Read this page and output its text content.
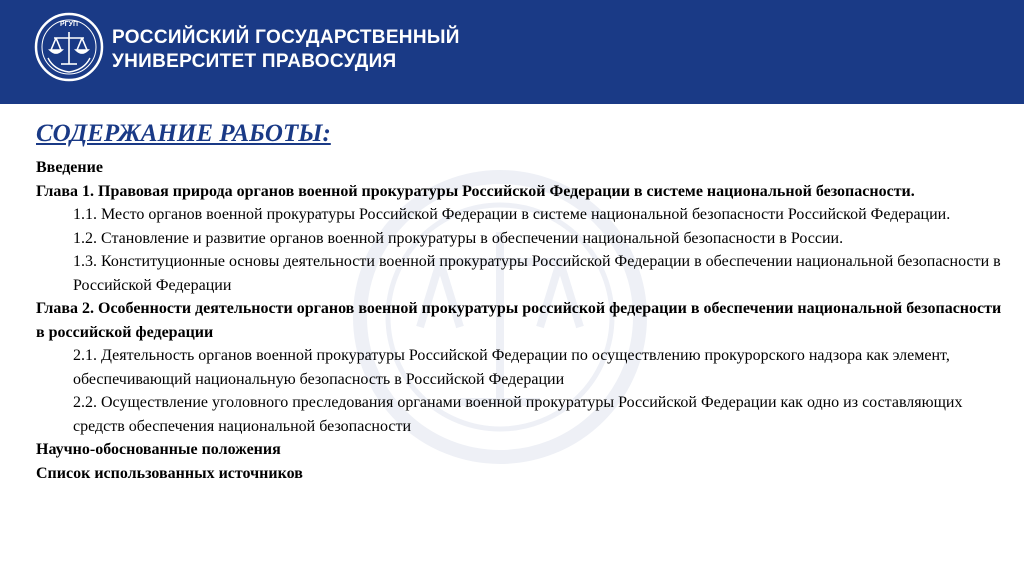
РГУП
РОССИЙСКИЙ ГОСУДАРСТВЕННЫЙ
УНИВЕРСИТЕТ ПРАВОСУДИЯ
СОДЕРЖАНИЕ РАБОТЫ:
Введение
Глава 1. Правовая природа органов военной прокуратуры Российской Федерации в системе национальной безопасности.
1.1. Место органов военной прокуратуры Российской Федерации в системе национальной безопасности Российской Федерации.
1.2. Становление и развитие органов военной прокуратуры в обеспечении национальной безопасности в России.
1.3. Конституционные основы деятельности военной прокуратуры Российской Федерации в обеспечении национальной безопасности в Российской Федерации
Глава 2. Особенности деятельности органов военной прокуратуры российской федерации в обеспечении национальной безопасности в российской федерации
2.1. Деятельность органов военной прокуратуры Российской Федерации по осуществлению прокурорского надзора как элемент, обеспечивающий национальную безопасность в Российской Федерации
2.2. Осуществление уголовного преследования органами военной прокуратуры Российской Федерации как одно из составляющих средств обеспечения национальной безопасности
Научно-обоснованные положения
Список использованных источников
